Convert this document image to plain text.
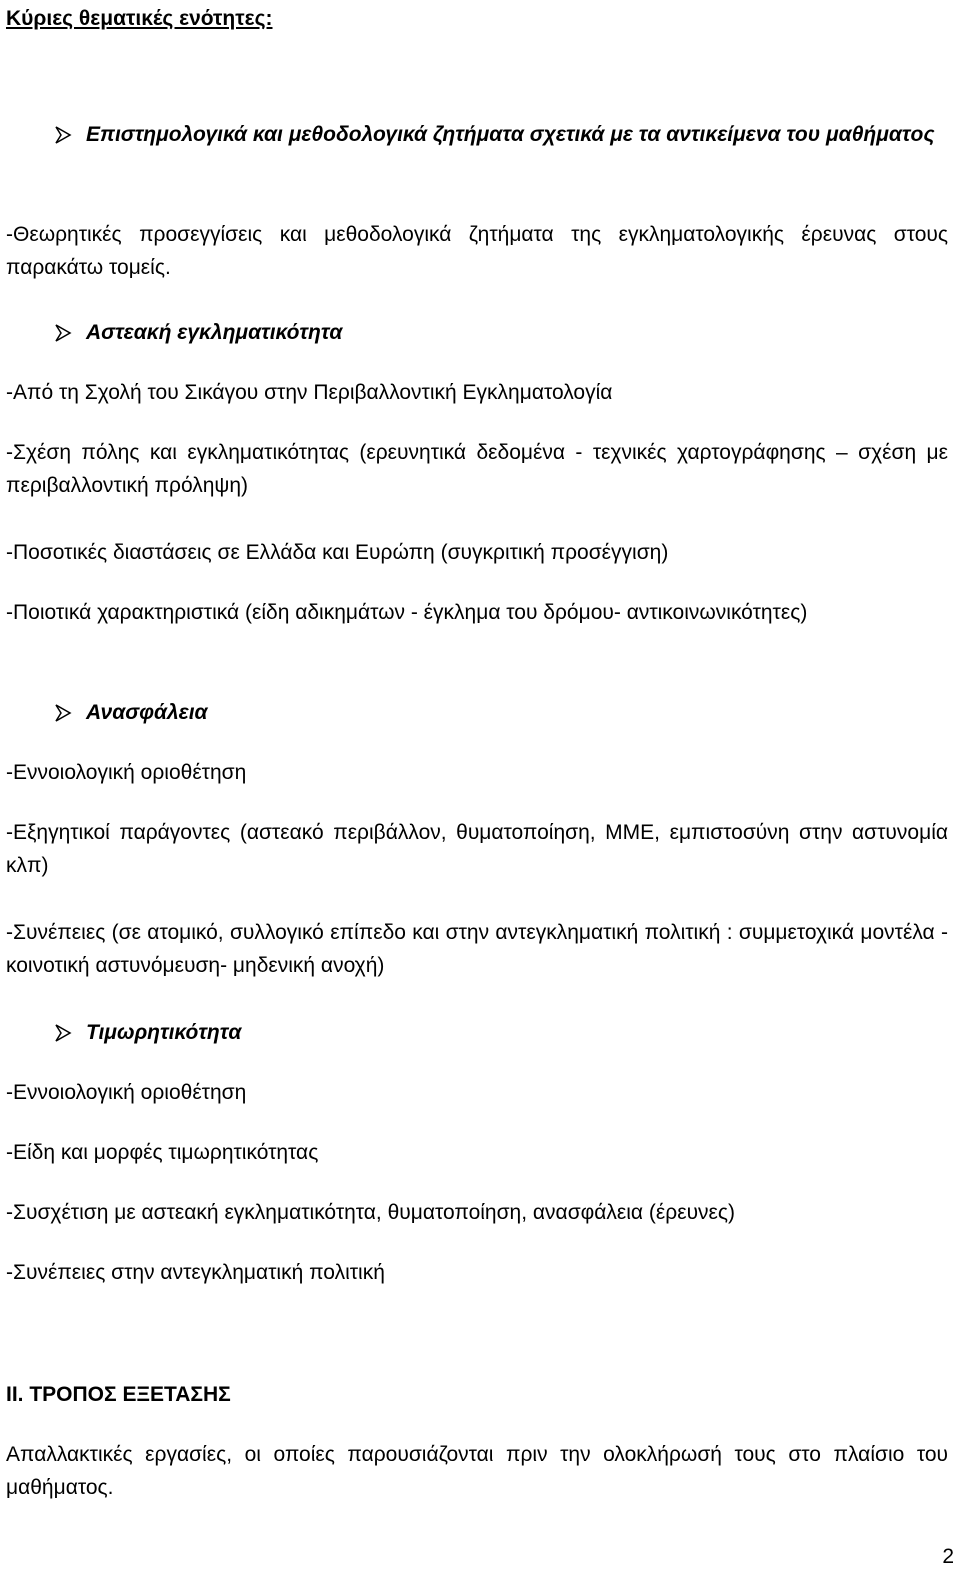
Κύριες θεματικές ενότητες:
Επιστημολογικά και μεθοδολογικά ζητήματα σχετικά με τα αντικείμενα του μαθήματος
-Θεωρητικές προσεγγίσεις και μεθοδολογικά ζητήματα της εγκληματολογικής έρευνας στους παρακάτω τομείς.
Αστεακή εγκληματικότητα
-Από τη Σχολή του Σικάγου στην Περιβαλλοντική Εγκληματολογία
-Σχέση πόλης και εγκληματικότητας (ερευνητικά δεδομένα - τεχνικές χαρτογράφησης – σχέση με περιβαλλοντική πρόληψη)
-Ποσοτικές διαστάσεις σε Ελλάδα και Ευρώπη (συγκριτική προσέγγιση)
-Ποιοτικά χαρακτηριστικά (είδη αδικημάτων - έγκλημα του δρόμου- αντικοινωνικότητες)
Ανασφάλεια
-Εννοιολογική οριοθέτηση
-Εξηγητικοί παράγοντες (αστεακό περιβάλλον, θυματοποίηση, ΜΜΕ, εμπιστοσύνη στην αστυνομία κλπ)
-Συνέπειες (σε ατομικό, συλλογικό επίπεδο και στην αντεγκληματική πολιτική : συμμετοχικά μοντέλα - κοινοτική αστυνόμευση- μηδενική ανοχή)
Τιμωρητικότητα
-Εννοιολογική οριοθέτηση
-Είδη και μορφές τιμωρητικότητας
-Συσχέτιση με αστεακή εγκληματικότητα, θυματοποίηση, ανασφάλεια (έρευνες)
-Συνέπειες στην αντεγκληματική πολιτική
ΙΙ. ΤΡΟΠΟΣ ΕΞΕΤΑΣΗΣ
Απαλλακτικές εργασίες, οι οποίες παρουσιάζονται πριν την ολοκλήρωσή τους στο πλαίσιο του μαθήματος.
2
